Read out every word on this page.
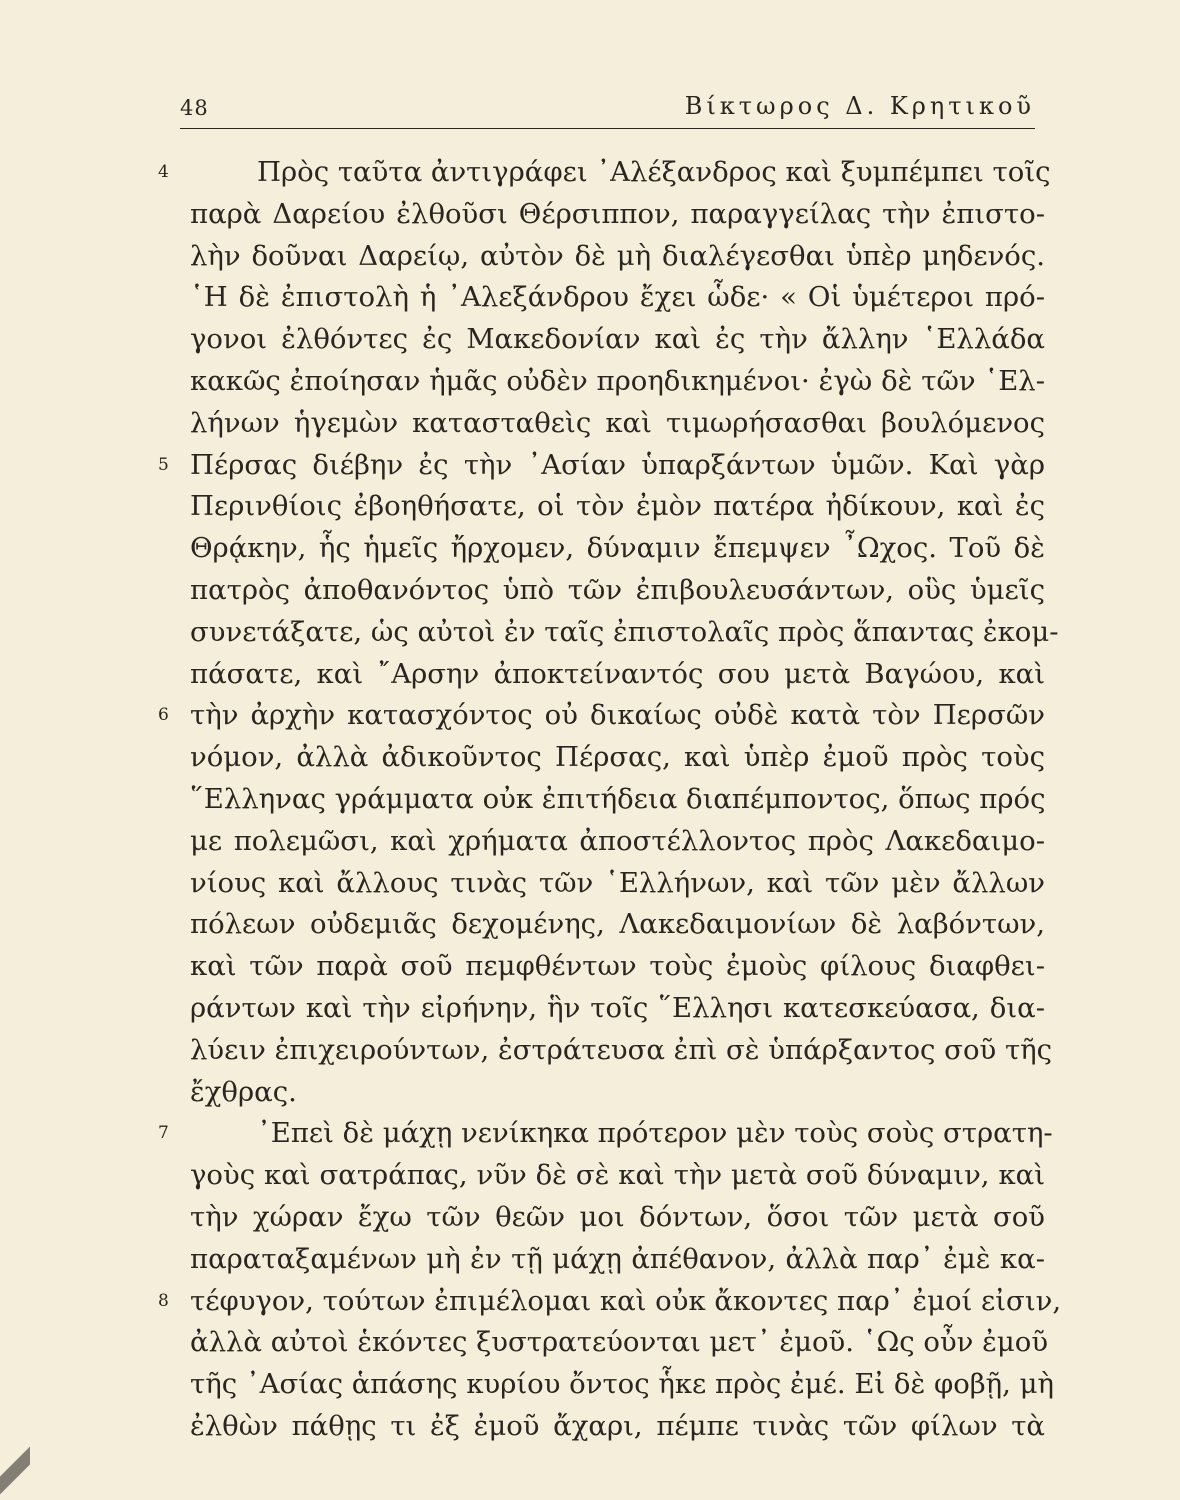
48	Βίκτωρος Δ. Κρητικοῦ
4	Πρὸς ταῦτα ἀντιγράφει ᾿Αλέξανδρος καὶ ξυμπέμπει τοῖς
παρὰ Δαρείου ἐλθοῦσι Θέρσιππον, παραγγείλας τὴν ἐπιστο-
λὴν δοῦναι Δαρείῳ, αὐτὸν δὲ μὴ διαλέγεσθαι ὑπὲρ μηδενός.
῾Η δὲ ἐπιστολὴ ἡ ᾿Αλεξάνδρου ἔχει ὧδε· « Οἱ ὑμέτεροι πρό-
γονοι ἐλθόντες ἐς Μακεδονίαν καὶ ἐς τὴν ἄλλην ῾Ελλάδα
κακῶς ἐποίησαν ἡμᾶς οὐδὲν προηδικημένοι· ἐγὼ δὲ τῶν ῾Ελ-
λήνων ἡγεμὼν κατασταθεὶς καὶ τιμωρήσασθαι βουλόμενος
5 Πέρσας διέβην ἐς τὴν ᾿Ασίαν ὑπαρξάντων ὑμῶν. Καὶ γὰρ
Περινθίοις ἐβοηθήσατε, οἱ τὸν ἐμὸν πατέρα ἠδίκουν, καὶ ἐς
Θρᾴκην, ἧς ἡμεῖς ἤρχομεν, δύναμιν ἔπεμψεν ῏Ωχος. Τοῦ δὲ
πατρὸς ἀποθανόντος ὑπὸ τῶν ἐπιβουλευσάντων, οὓς ὑμεῖς
συνετάξατε, ὡς αὐτοὶ ἐν ταῖς ἐπιστολαῖς πρὸς ἅπαντας ἐκομ-
πάσατε, καὶ ῎Αρσην ἀποκτείναντός σου μετὰ Βαγώου, καὶ
6 τὴν ἀρχὴν κατασχόντος οὐ δικαίως οὐδὲ κατὰ τὸν Περσῶν
νόμον, ἀλλὰ ἀδικοῦντος Πέρσας, καὶ ὑπὲρ ἐμοῦ πρὸς τοὺς
῞Ελληνας γράμματα οὐκ ἐπιτήδεια διαπέμποντος, ὅπως πρός
με πολεμῶσι, καὶ χρήματα ἀποστέλλοντος πρὸς Λακεδαιμο-
νίους καὶ ἄλλους τινὰς τῶν ῾Ελλήνων, καὶ τῶν μὲν ἄλλων
πόλεων οὐδεμιᾶς δεχομένης, Λακεδαιμονίων δὲ λαβόντων,
καὶ τῶν παρὰ σοῦ πεμφθέντων τοὺς ἐμοὺς φίλους διαφθει-
ράντων καὶ τὴν εἰρήνην, ἣν τοῖς ῞Ελλησι κατεσκεύασα, δια-
λύειν ἐπιχειρούντων, ἐστράτευσα ἐπὶ σὲ ὑπάρξαντος σοῦ τῆς
ἔχθρας.
7	᾿Επεὶ δὲ μάχῃ νενίκηκα πρότερον μὲν τοὺς σοὺς στρατη-
γοὺς καὶ σατράπας, νῦν δὲ σὲ καὶ τὴν μετὰ σοῦ δύναμιν, καὶ
τὴν χώραν ἔχω τῶν θεῶν μοι δόντων, ὅσοι τῶν μετὰ σοῦ
παραταξαμένων μὴ ἐν τῇ μάχῃ ἀπέθανον, ἀλλὰ παρ᾿ ἐμὲ κα-
8 τέφυγον, τούτων ἐπιμέλομαι καὶ οὐκ ἄκοντες παρ᾿ ἐμοί εἰσιν,
ἀλλὰ αὐτοὶ ἑκόντες ξυστρατεύονται μετ᾿ ἐμοῦ. ῾Ως οὖν ἐμοῦ
τῆς ᾿Ασίας ἁπάσης κυρίου ὄντος ἧκε πρὸς ἐμέ. Εἰ δὲ φοβῇ, μὴ
ἐλθὼν πάθῃς τι ἐξ ἐμοῦ ἄχαρι, πέμπε τινὰς τῶν φίλων τὰ
